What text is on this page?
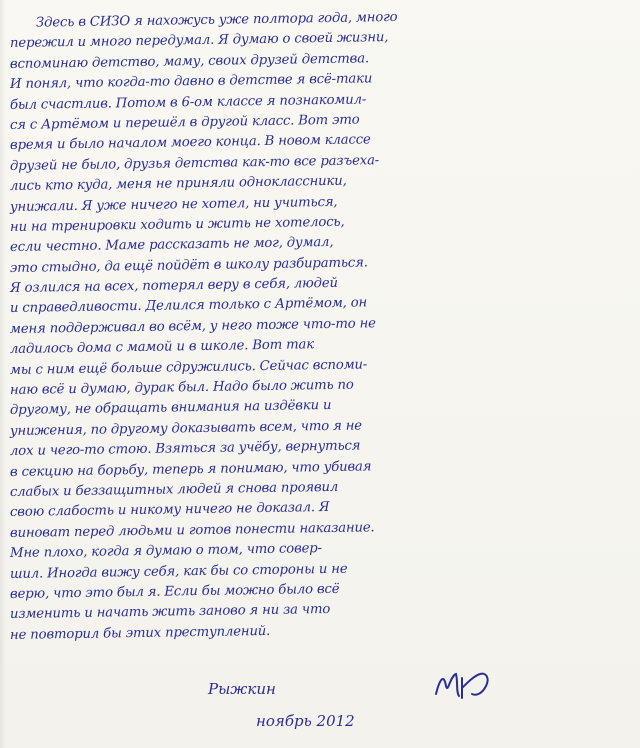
Здесь в СИЗО я нахожусь уже полтора года, много
пережил и много передумал. Я думаю о своей жизни,
вспоминаю детство, маму, своих друзей детства.
И понял, что когда-то давно в детстве я всё-таки
был счастлив. Потом в 6-ом классе я познакомил-
ся с Артёмом и перешёл в другой класс. Вот это
время и было началом моего конца. В новом классе
друзей не было, друзья детства как-то все разъеха-
лись кто куда, меня не приняли одноклассники,
унижали. Я уже ничего не хотел, ни учиться,
ни на тренировки ходить и жить не хотелось,
если честно. Маме рассказать не мог, думал,
это стыдно, да ещё пойдёт в школу разбираться.
Я озлился на всех, потерял веру в себя, людей
и справедливости. Делился только с Артёмом, он
меня поддерживал во всём, у него тоже что-то не
ладилось дома с мамой и в школе. Вот так
мы с ним ещё больше сдружились. Сейчас вспоми-
наю всё и думаю, дурак был. Надо было жить по
другому, не обращать внимания на издёвки и
унижения, по другому доказывать всем, что я не
лох и чего-то стою. Взяться за учёбу, вернуться
в секцию на борьбу, теперь я понимаю, что убивая
слабых и беззащитных людей я снова проявил
свою слабость и никому ничего не доказал. Я
виноват перед людьми и готов понести наказание.
Мне плохо, когда я думаю о том, что совер-
шил. Иногда вижу себя, как бы со стороны и не
верю, что это был я. Если бы можно было всё
изменить и начать жить заново я ни за что
не повторил бы этих преступлений.
Рыжкин
ноябрь 2012
